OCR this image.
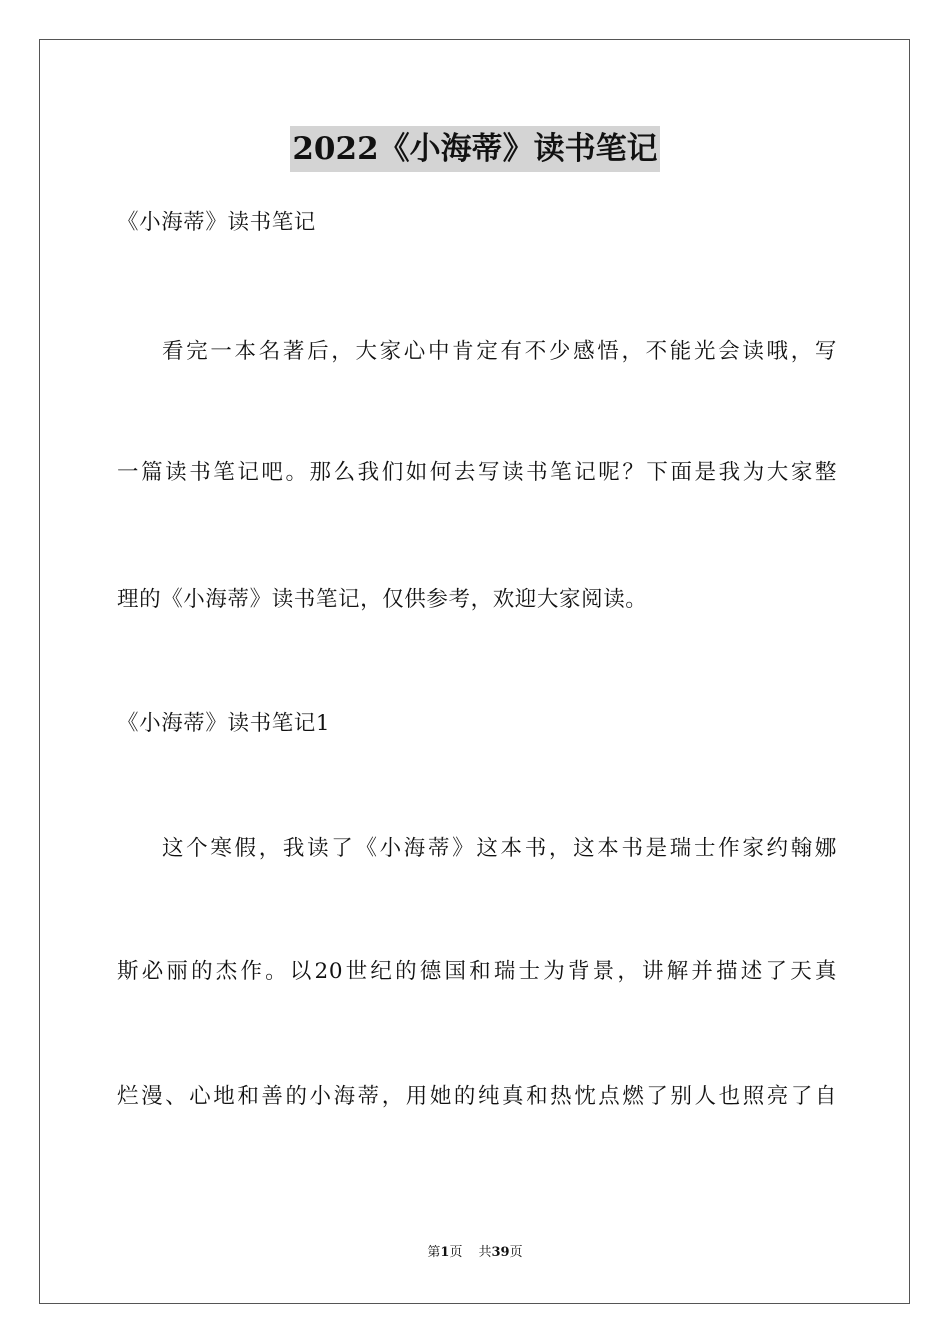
2022《小海蒂》读书笔记
《小海蒂》读书笔记
看完一本名著后，大家心中肯定有不少感悟，不能光会读哦，写
一篇读书笔记吧。那么我们如何去写读书笔记呢？下面是我为大家整
理的《小海蒂》读书笔记，仅供参考，欢迎大家阅读。
《小海蒂》读书笔记1
这个寒假，我读了《小海蒂》这本书，这本书是瑞士作家约翰娜
斯必丽的杰作。以20世纪的德国和瑞士为背景，讲解并描述了天真
烂漫、心地和善的小海蒂，用她的纯真和热忱点燃了别人也照亮了自
第1页 共39页
